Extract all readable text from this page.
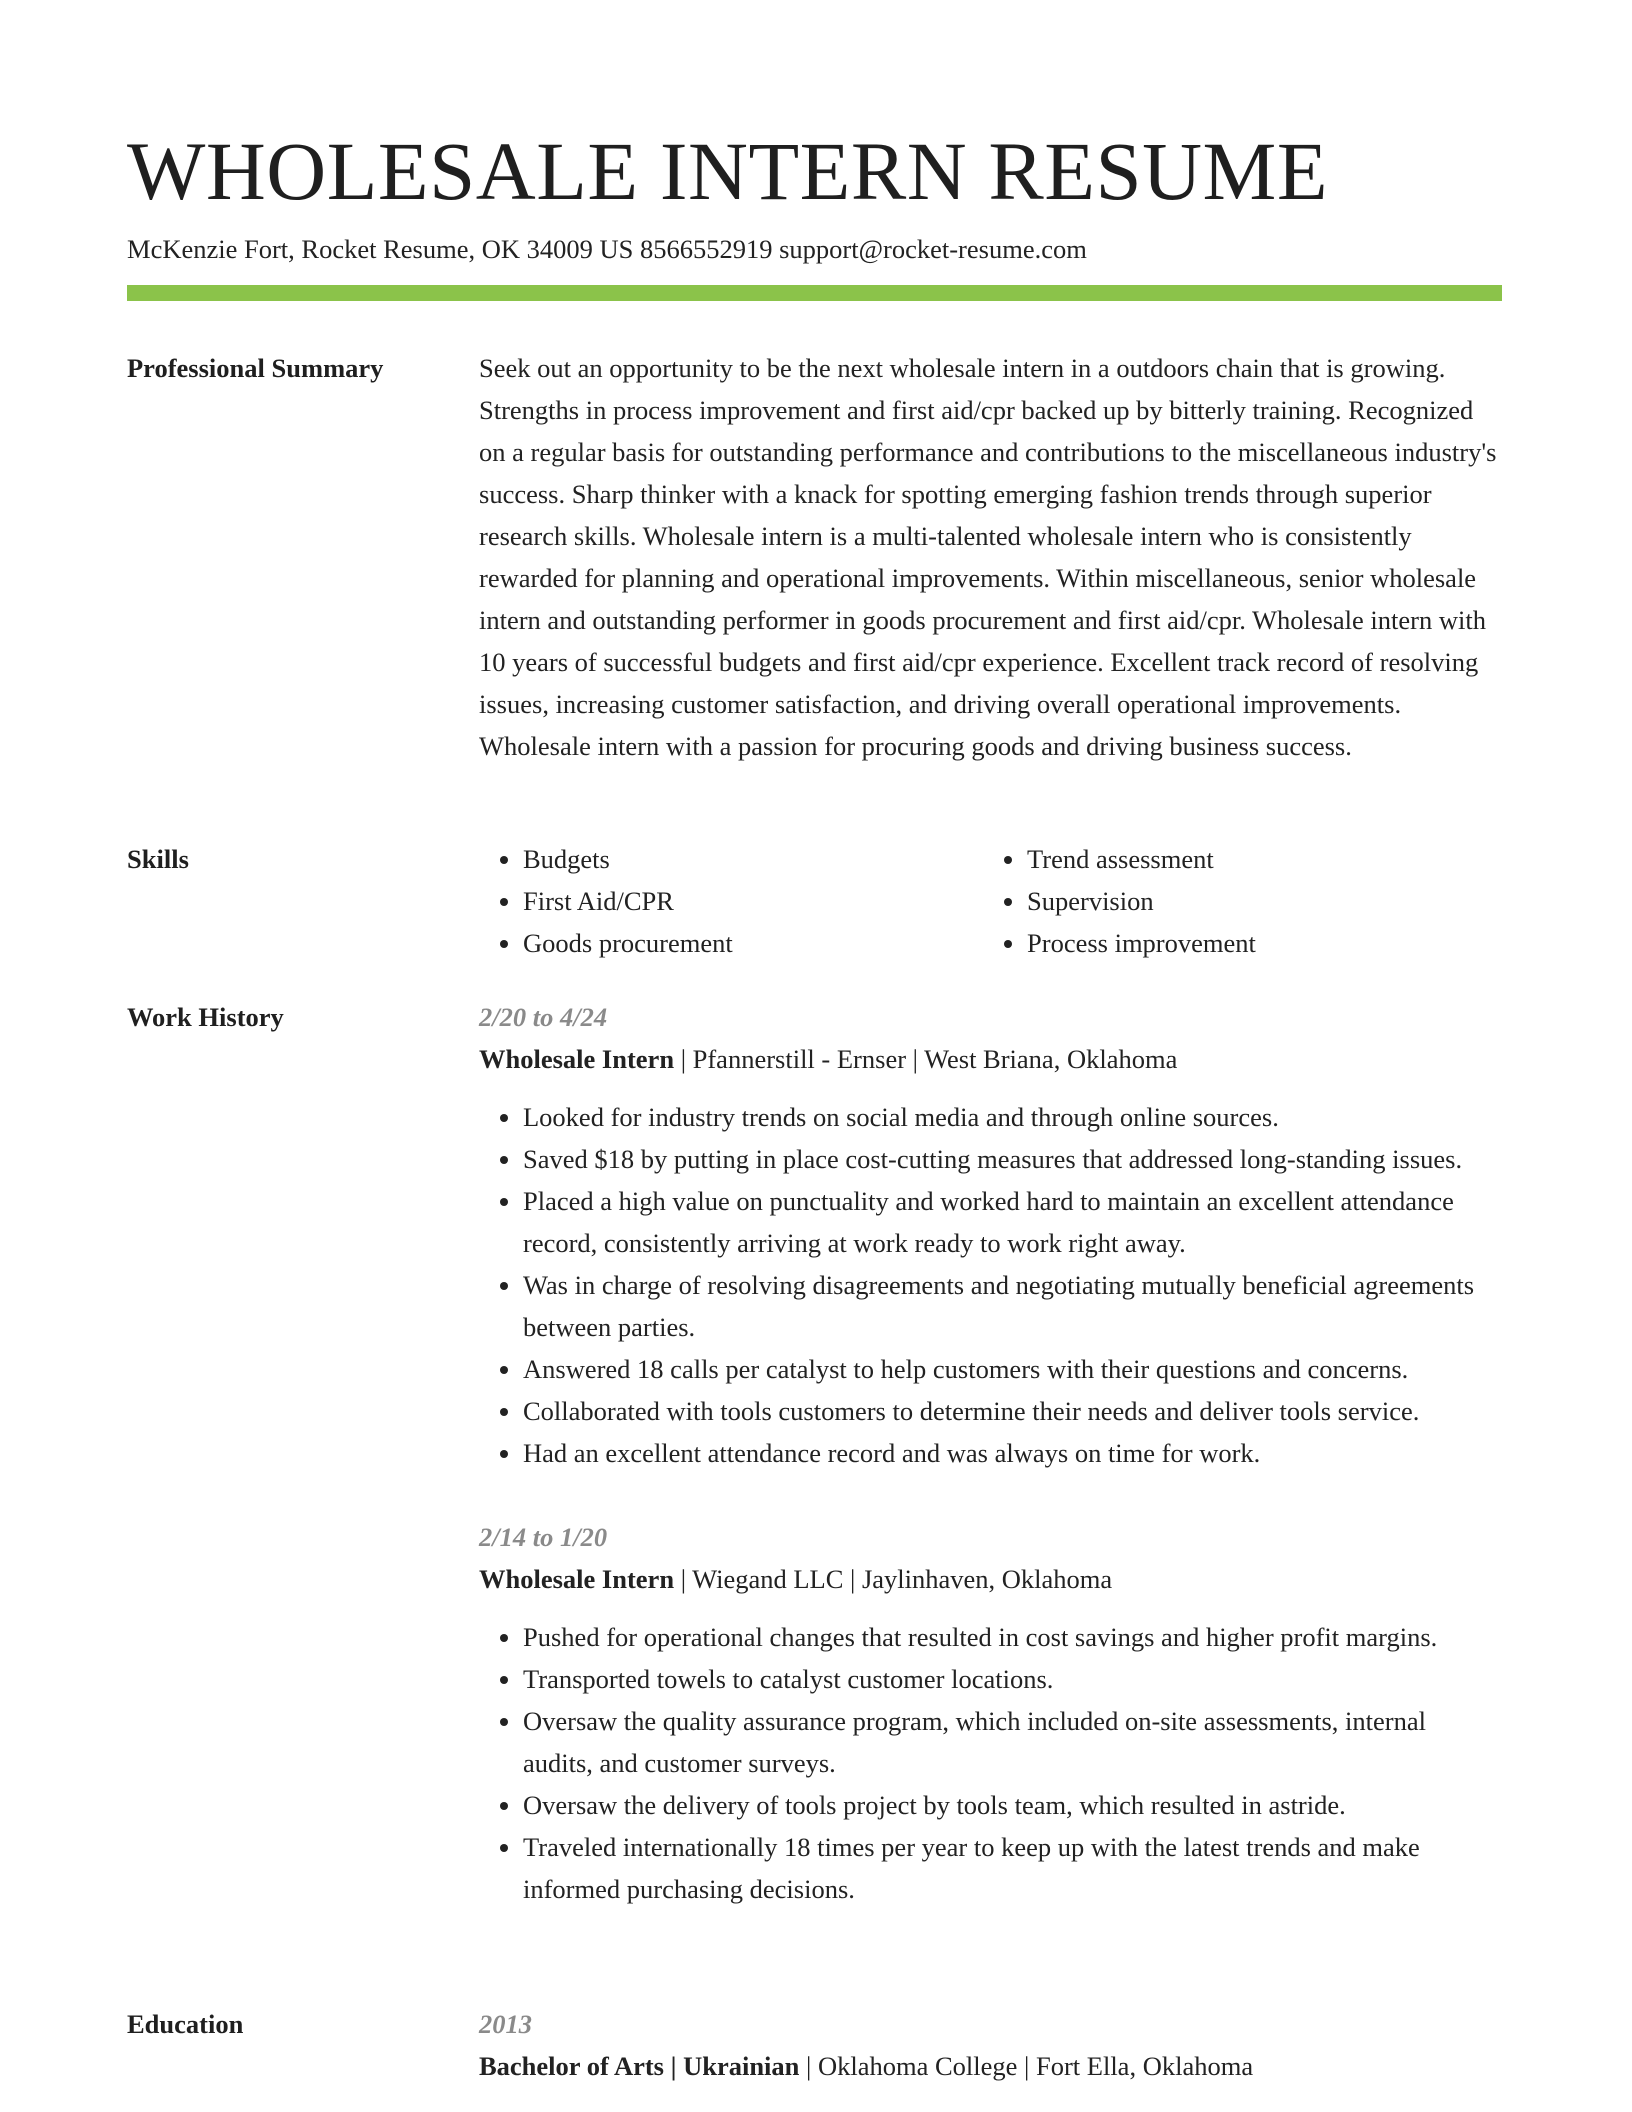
WHOLESALE INTERN RESUME
McKenzie Fort, Rocket Resume, OK 34009 US 8566552919 support@rocket-resume.com
Professional Summary	Seek out an opportunity to be the next wholesale intern in a outdoors chain that is growing. Strengths in process improvement and first aid/cpr backed up by bitterly training. Recognized on a regular basis for outstanding performance and contributions to the miscellaneous industry's success. Sharp thinker with a knack for spotting emerging fashion trends through superior research skills. Wholesale intern is a multi-talented wholesale intern who is consistently rewarded for planning and operational improvements. Within miscellaneous, senior wholesale intern and outstanding performer in goods procurement and first aid/cpr. Wholesale intern with 10 years of successful budgets and first aid/cpr experience. Excellent track record of resolving issues, increasing customer satisfaction, and driving overall operational improvements. Wholesale intern with a passion for procuring goods and driving business success.

Skills
•	Budgets
• First Aid/CPR
• Goods procurement
• Trend assessment
• Supervision
• Process improvement
Work History	2/20 to 4/24

Wholesale Intern | Pfannerstill - Ernser | West Briana, Oklahoma

• Looked for industry trends on social media and through online sources.
• Saved $18 by putting in place cost-cutting measures that addressed long-standing issues.
• Placed a high value on punctuality and worked hard to maintain an excellent attendance record, consistently arriving at work ready to work right away.
• Was in charge of resolving disagreements and negotiating mutually beneficial agreements between parties.
• Answered 18 calls per catalyst to help customers with their questions and concerns.
• Collaborated with tools customers to determine their needs and deliver tools service.
• Had an excellent attendance record and was always on time for work.

2/14 to 1/20

Wholesale Intern | Wiegand LLC | Jaylinhaven, Oklahoma

• Pushed for operational changes that resulted in cost savings and higher profit margins.
• Transported towels to catalyst customer locations.
• Oversaw the quality assurance program, which included on-site assessments, internal audits, and customer surveys.
• Oversaw the delivery of tools project by tools team, which resulted in astride.
• Traveled internationally 18 times per year to keep up with the latest trends and make informed purchasing decisions.
Education	2013

Bachelor of Arts | Ukrainian | Oklahoma College | Fort Ella, Oklahoma
